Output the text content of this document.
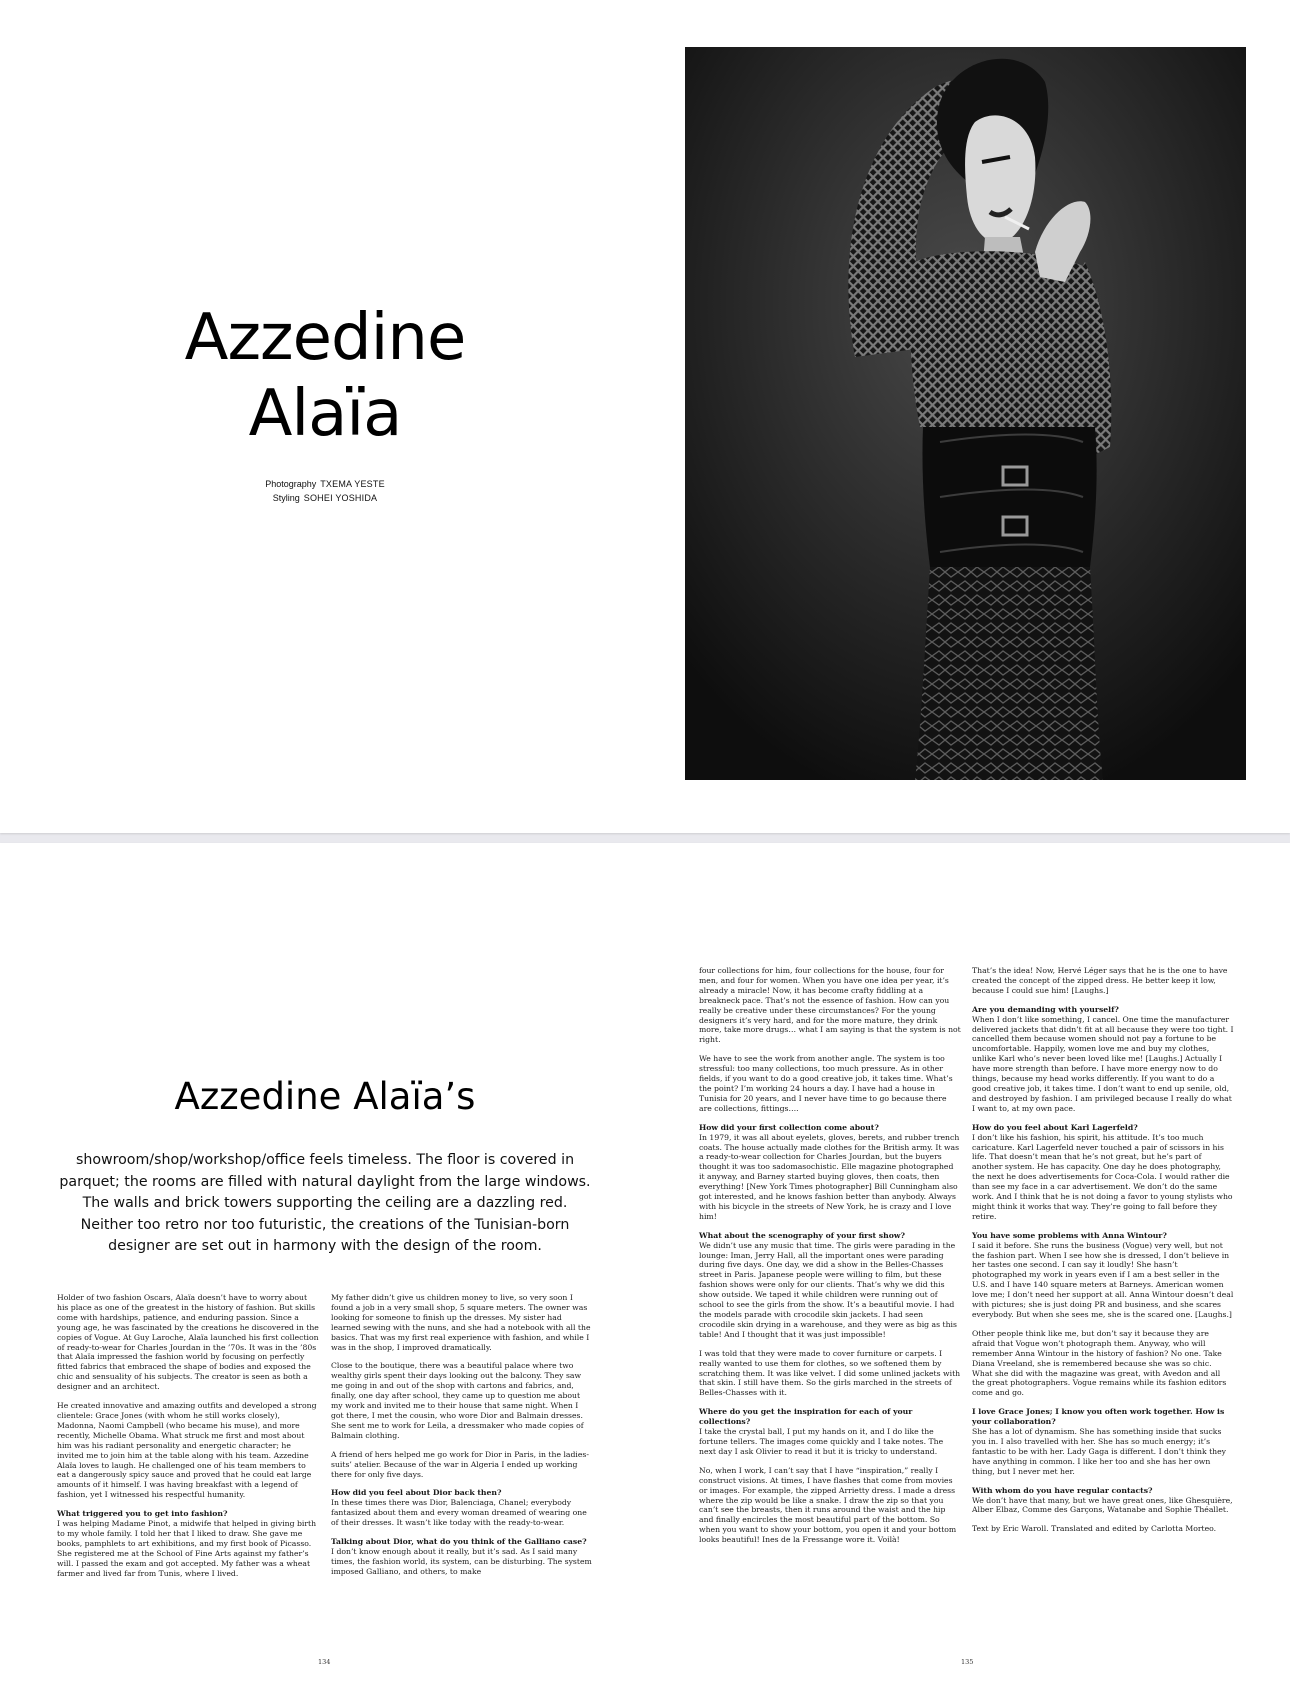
Azzedine
Alaïa
Photography TXEMA YESTE
Styling SOHEI YOSHIDA
Azzedine Alaïa’s
showroom/shop/workshop/office feels timeless. The floor is covered in parquet; the rooms are filled with natural daylight from the large windows. The walls and brick towers supporting the ceiling are a dazzling red. Neither too retro nor too futuristic, the creations of the Tunisian-born designer are set out in harmony with the design of the room.

Holder of two fashion Oscars, Alaïa doesn’t have to worry about his place as one of the greatest in the history of fashion. But skills come with hardships, patience, and enduring passion. Since a young age, he was fascinated by the creations he discovered in the copies of Vogue. At Guy Laroche, Alaïa launched his first collection of ready-to-wear for Charles Jourdan in the ’70s. It was in the ’80s that Alaïa impressed the fashion world by focusing on perfectly fitted fabrics that embraced the shape of bodies and exposed the chic and sensuality of his subjects. The creator is seen as both a designer and an architect.

He created innovative and amazing outfits and developed a strong clientele: Grace Jones (with whom he still works closely), Madonna, Naomi Campbell (who became his muse), and more recently, Michelle Obama. What struck me first and most about him was his radiant personality and energetic character; he invited me to join him at the table along with his team. Azzedine Alaïa loves to laugh. He challenged one of his team members to eat a dangerously spicy sauce and proved that he could eat large amounts of it himself. I was having breakfast with a legend of fashion, yet I witnessed his respectful humanity.

What triggered you to get into fashion?

I was helping Madame Pinot, a midwife that helped in giving birth to my whole family. I told her that I liked to draw. She gave me books, pamphlets to art exhibitions, and my first book of Picasso. She registered me at the School of Fine Arts against my father’s will. I passed the exam and got accepted. My father was a wheat farmer and lived far from Tunis, where I lived.

My father didn’t give us children money to live, so very soon I found a job in a very small shop, 5 square meters. The owner was looking for someone to finish up the dresses. My sister had learned sewing with the nuns, and she had a notebook with all the basics. That was my first real experience with fashion, and while I was in the shop, I improved dramatically.

Close to the boutique, there was a beautiful palace where two wealthy girls spent their days looking out the balcony. They saw me going in and out of the shop with cartons and fabrics, and, finally, one day after school, they came up to question me about my work and invited me to their house that same night. When I got there, I met the cousin, who wore Dior and Balmain dresses. She sent me to work for Leila, a dressmaker who made copies of Balmain clothing.

A friend of hers helped me go work for Dior in Paris, in the ladies-suits’ atelier. Because of the war in Algeria I ended up working there for only five days.

How did you feel about Dior back then?

In these times there was Dior, Balenciaga, Chanel; everybody fantasized about them and every woman dreamed of wearing one of their dresses. It wasn’t like today with the ready-to-wear.

Talking about Dior, what do you think of the Galliano case?

I don’t know enough about it really, but it’s sad. As I said many times, the fashion world, its system, can be disturbing. The system imposed Galliano, and others, to make

four collections for him, four collections for the house, four for men, and four for women. When you have one idea per year, it’s already a miracle! Now, it has become crafty fiddling at a breakneck pace. That’s not the essence of fashion. How can you really be creative under these circumstances? For the young designers it’s very hard, and for the more mature, they drink more, take more drugs… what I am saying is that the system is not right.

We have to see the work from another angle. The system is too stressful: too many collections, too much pressure. As in other fields, if you want to do a good creative job, it takes time. What’s the point? I’m working 24 hours a day. I have had a house in Tunisia for 20 years, and I never have time to go because there are collections, fittings….

How did your first collection come about?

In 1979, it was all about eyelets, gloves, berets, and rubber trench coats. The house actually made clothes for the British army. It was a ready-to-wear collection for Charles Jourdan, but the buyers thought it was too sadomasochistic. Elle magazine photographed it anyway, and Barney started buying gloves, then coats, then everything! [New York Times photographer] Bill Cunningham also got interested, and he knows fashion better than anybody. Always with his bicycle in the streets of New York, he is crazy and I love him!

What about the scenography of your first show?

We didn’t use any music that time. The girls were parading in the lounge: Iman, Jerry Hall, all the important ones were parading during five days. One day, we did a show in the Belles-Chasses street in Paris. Japanese people were willing to film, but these fashion shows were only for our clients. That’s why we did this show outside. We taped it while children were running out of school to see the girls from the show. It’s a beautiful movie. I had the models parade with crocodile skin jackets. I had seen crocodile skin drying in a warehouse, and they were as big as this table! And I thought that it was just impossible!

I was told that they were made to cover furniture or carpets. I really wanted to use them for clothes, so we softened them by scratching them. It was like velvet. I did some unlined jackets with that skin. I still have them. So the girls marched in the streets of Belles-Chasses with it.

Where do you get the inspiration for each of your collections?

I take the crystal ball, I put my hands on it, and I do like the fortune tellers. The images come quickly and I take notes. The next day I ask Olivier to read it but it is tricky to understand.

No, when I work, I can’t say that I have “inspiration,” really I construct visions. At times, I have flashes that come from movies or images. For example, the zipped Arrietty dress. I made a dress where the zip would be like a snake. I draw the zip so that you can’t see the breasts, then it runs around the waist and the hip and finally encircles the most beautiful part of the bottom. So when you want to show your bottom, you open it and your bottom looks beautiful! Ines de la Fressange wore it. Voilà!

That’s the idea! Now, Hervé Léger says that he is the one to have created the concept of the zipped dress. He better keep it low, because I could sue him! [Laughs.]

Are you demanding with yourself?

When I don’t like something, I cancel. One time the manufacturer delivered jackets that didn’t fit at all because they were too tight. I cancelled them because women should not pay a fortune to be uncomfortable. Happily, women love me and buy my clothes, unlike Karl who’s never been loved like me! [Laughs.] Actually I have more strength than before. I have more energy now to do things, because my head works differently. If you want to do a good creative job, it takes time. I don’t want to end up senile, old, and destroyed by fashion. I am privileged because I really do what I want to, at my own pace.

How do you feel about Karl Lagerfeld?

I don’t like his fashion, his spirit, his attitude. It’s too much caricature. Karl Lagerfeld never touched a pair of scissors in his life. That doesn’t mean that he’s not great, but he’s part of another system. He has capacity. One day he does photography, the next he does advertisements for Coca-Cola. I would rather die than see my face in a car advertisement. We don’t do the same work. And I think that he is not doing a favor to young stylists who might think it works that way. They’re going to fall before they retire.

You have some problems with Anna Wintour?

I said it before. She runs the business (Vogue) very well, but not the fashion part. When I see how she is dressed, I don’t believe in her tastes one second. I can say it loudly! She hasn’t photographed my work in years even if I am a best seller in the U.S. and I have 140 square meters at Barneys. American women love me; I don’t need her support at all. Anna Wintour doesn’t deal with pictures; she is just doing PR and business, and she scares everybody. But when she sees me, she is the scared one. [Laughs.]

Other people think like me, but don’t say it because they are afraid that Vogue won’t photograph them. Anyway, who will remember Anna Wintour in the history of fashion? No one. Take Diana Vreeland, she is remembered because she was so chic. What she did with the magazine was great, with Avedon and all the great photographers. Vogue remains while its fashion editors come and go.

I love Grace Jones; I know you often work together. How is your collaboration?

She has a lot of dynamism. She has something inside that sucks you in. I also travelled with her. She has so much energy; it’s fantastic to be with her. Lady Gaga is different. I don’t think they have anything in common. I like her too and she has her own thing, but I never met her.

With whom do you have regular contacts?

We don’t have that many, but we have great ones, like Ghesquière, Alber Elbaz, Comme des Garçons, Watanabe and Sophie Théallet.

Text by Eric Waroll. Translated and edited by Carlotta Morteo.

134	135
